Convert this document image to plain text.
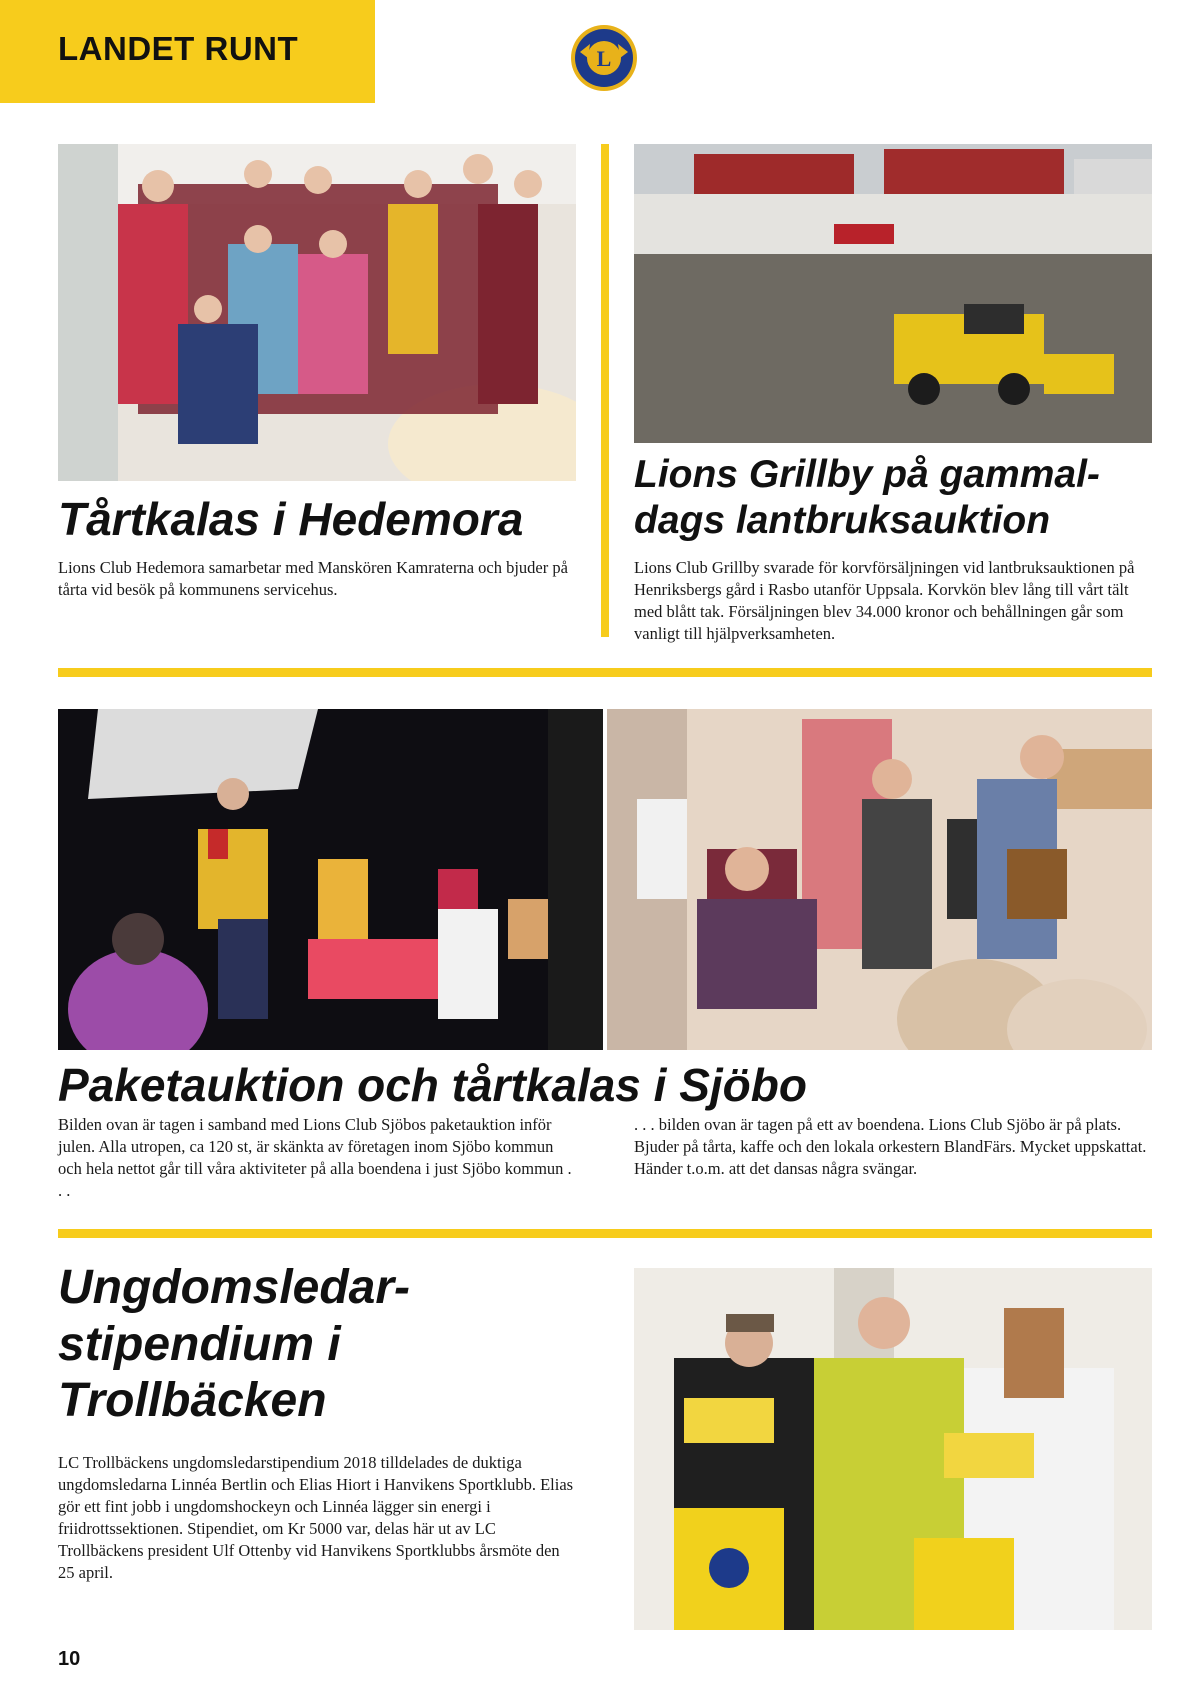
LANDET RUNT	L
Tårtkalas i Hedemora

Lions Club Hedemora samarbetar med Manskören Kamraterna och bjuder på tårta vid besök på kommunens servicehus.

Lions Grillby på gammal-
dags lantbruksauktion

Lions Club Grillby svarade för korvförsäljningen vid lantbruksauktionen på Henriksbergs gård i Rasbo utanför Uppsala. Korvkön blev lång till vårt tält med blått tak. Försäljningen blev 34.000 kronor och behållningen går som vanligt till hjälpverksamheten.

Paketauktion och tårtkalas i Sjöbo

Bilden ovan är tagen i samband med Lions Club Sjöbos paketauktion inför julen. Alla utropen, ca 120 st, är skänkta av företagen inom Sjöbo kommun och hela nettot går till våra aktiviteter på alla boendena i just Sjöbo kommun . . .

. . . bilden ovan är tagen på ett av boendena. Lions Club Sjöbo är på plats. Bjuder på tårta, kaffe och den lokala orkestern BlandFärs. Mycket uppskattat. Händer t.o.m. att det dansas några svängar.

Ungdomsledar-
stipendium i
Trollbäcken

LC Trollbäckens ungdomsledarstipendium 2018 tilldelades de duktiga ungdomsledarna Linnéa Bertlin och Elias Hiort i Hanvikens Sportklubb. Elias gör ett fint jobb i ungdomshockeyn och Linnéa lägger sin energi i friidrottssektionen. Stipendiet, om Kr 5000 var, delas här ut av LC Trollbäckens president Ulf Ottenby vid Hanvikens Sportklubbs årsmöte den 25 april.

10
